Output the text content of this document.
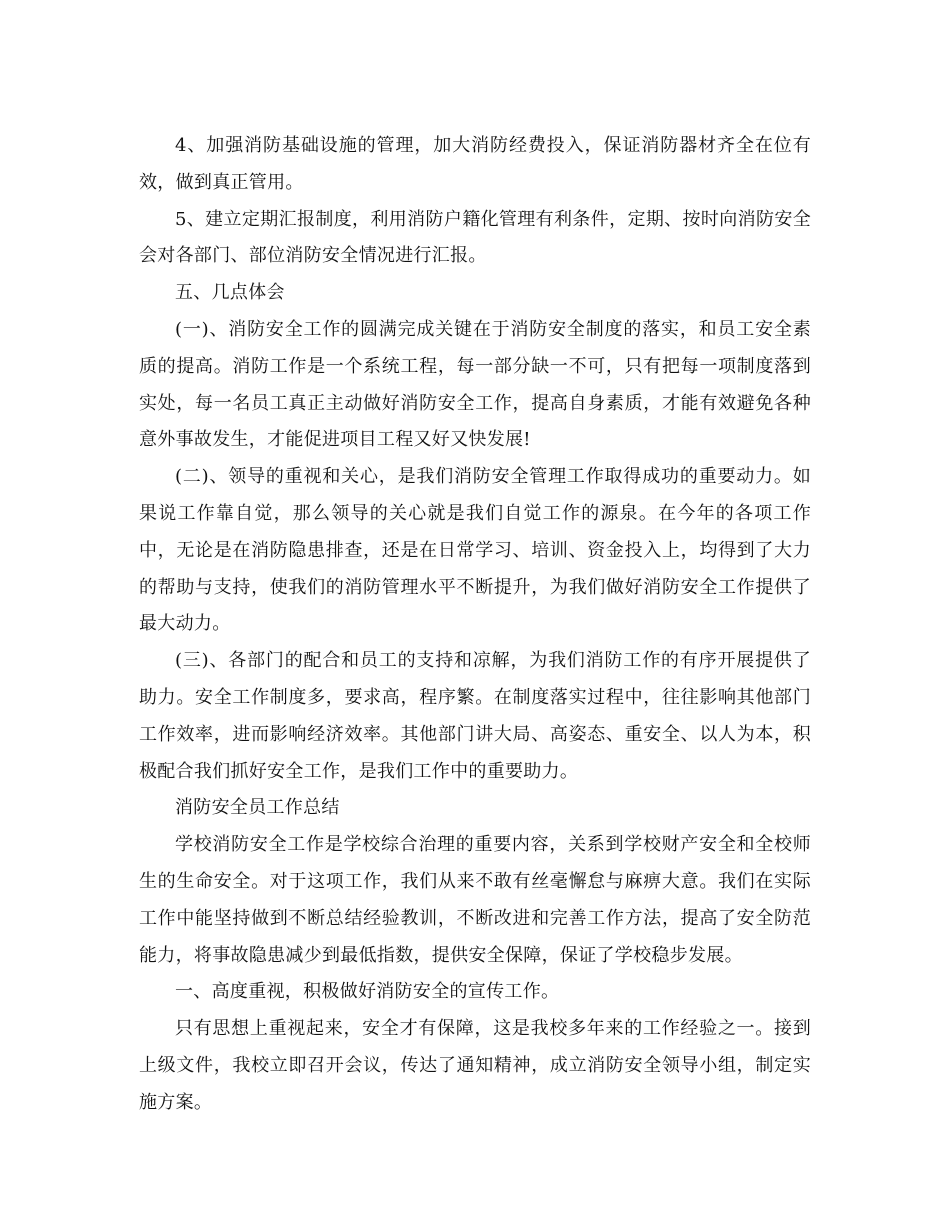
4、加强消防基础设施的管理，加大消防经费投入，保证消防器材齐全在位有效，做到真正管用。

5、建立定期汇报制度，利用消防户籍化管理有利条件，定期、按时向消防安全会对各部门、部位消防安全情况进行汇报。

五、几点体会

(一)、消防安全工作的圆满完成关键在于消防安全制度的落实，和员工安全素质的提高。消防工作是一个系统工程，每一部分缺一不可，只有把每一项制度落到实处，每一名员工真正主动做好消防安全工作，提高自身素质，才能有效避免各种意外事故发生，才能促进项目工程又好又快发展!

(二)、领导的重视和关心，是我们消防安全管理工作取得成功的重要动力。如果说工作靠自觉，那么领导的关心就是我们自觉工作的源泉。在今年的各项工作中，无论是在消防隐患排查，还是在日常学习、培训、资金投入上，均得到了大力的帮助与支持，使我们的消防管理水平不断提升，为我们做好消防安全工作提供了最大动力。

(三)、各部门的配合和员工的支持和凉解，为我们消防工作的有序开展提供了助力。安全工作制度多，要求高，程序繁。在制度落实过程中，往往影响其他部门工作效率，进而影响经济效率。其他部门讲大局、高姿态、重安全、以人为本，积极配合我们抓好安全工作，是我们工作中的重要助力。

消防安全员工作总结

学校消防安全工作是学校综合治理的重要内容，关系到学校财产安全和全校师生的生命安全。对于这项工作，我们从来不敢有丝毫懈怠与麻痹大意。我们在实际工作中能坚持做到不断总结经验教训，不断改进和完善工作方法，提高了安全防范能力，将事故隐患减少到最低指数，提供安全保障，保证了学校稳步发展。

一、高度重视，积极做好消防安全的宣传工作。

只有思想上重视起来，安全才有保障，这是我校多年来的工作经验之一。接到上级文件，我校立即召开会议，传达了通知精神，成立消防安全领导小组，制定实施方案。
